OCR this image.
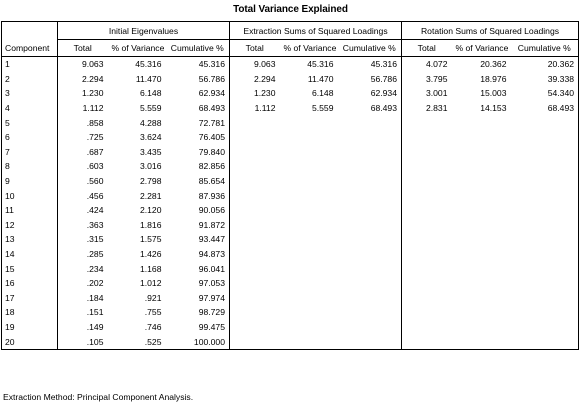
Total Variance Explained
	Initial Eigenvalues			Extraction Sums of Squared Loadings			Rotation Sums of Squared Loadings		
Component	Total	% of Variance	Cumulative %	Total	% of Variance	Cumulative %	Total	% of Variance	Cumulative %
1	9.063	45.316	45.316	9.063	45.316	45.316	4.072	20.362	20.362
2	2.294	11.470	56.786	2.294	11.470	56.786	3.795	18.976	39.338
3	1.230	6.148	62.934	1.230	6.148	62.934	3.001	15.003	54.340
4	1.112	5.559	68.493	1.112	5.559	68.493	2.831	14.153	68.493
5	.858	4.288	72.781						
6	.725	3.624	76.405						
7	.687	3.435	79.840						
8	.603	3.016	82.856						
9	.560	2.798	85.654						
10	.456	2.281	87.936						
11	.424	2.120	90.056						
12	.363	1.816	91.872						
13	.315	1.575	93.447						
14	.285	1.426	94.873						
15	.234	1.168	96.041						
16	.202	1.012	97.053						
17	.184	.921	97.974						
18	.151	.755	98.729						
19	.149	.746	99.475						
20	.105	.525	100.000						
Extraction Method: Principal Component Analysis.
